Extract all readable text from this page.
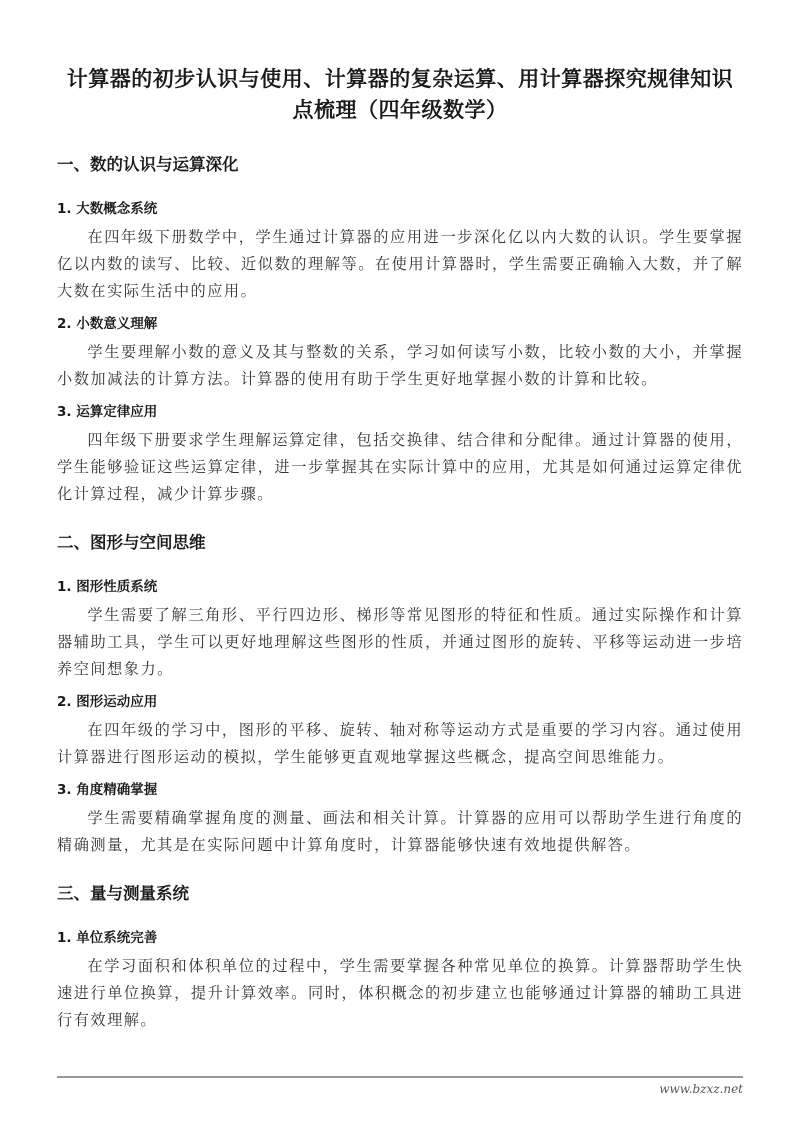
计算器的初步认识与使用、计算器的复杂运算、用计算器探究规律知识点梳理（四年级数学）
一、数的认识与运算深化
1. 大数概念系统
在四年级下册数学中，学生通过计算器的应用进一步深化亿以内大数的认识。学生要掌握亿以内数的读写、比较、近似数的理解等。在使用计算器时，学生需要正确输入大数，并了解大数在实际生活中的应用。
2. 小数意义理解
学生要理解小数的意义及其与整数的关系，学习如何读写小数，比较小数的大小，并掌握小数加减法的计算方法。计算器的使用有助于学生更好地掌握小数的计算和比较。
3. 运算定律应用
四年级下册要求学生理解运算定律，包括交换律、结合律和分配律。通过计算器的使用，学生能够验证这些运算定律，进一步掌握其在实际计算中的应用，尤其是如何通过运算定律优化计算过程，减少计算步骤。
二、图形与空间思维
1. 图形性质系统
学生需要了解三角形、平行四边形、梯形等常见图形的特征和性质。通过实际操作和计算器辅助工具，学生可以更好地理解这些图形的性质，并通过图形的旋转、平移等运动进一步培养空间想象力。
2. 图形运动应用
在四年级的学习中，图形的平移、旋转、轴对称等运动方式是重要的学习内容。通过使用计算器进行图形运动的模拟，学生能够更直观地掌握这些概念，提高空间思维能力。
3. 角度精确掌握
学生需要精确掌握角度的测量、画法和相关计算。计算器的应用可以帮助学生进行角度的精确测量，尤其是在实际问题中计算角度时，计算器能够快速有效地提供解答。
三、量与测量系统
1. 单位系统完善
在学习面积和体积单位的过程中，学生需要掌握各种常见单位的换算。计算器帮助学生快速进行单位换算，提升计算效率。同时，体积概念的初步建立也能够通过计算器的辅助工具进行有效理解。
www.bzxz.net
